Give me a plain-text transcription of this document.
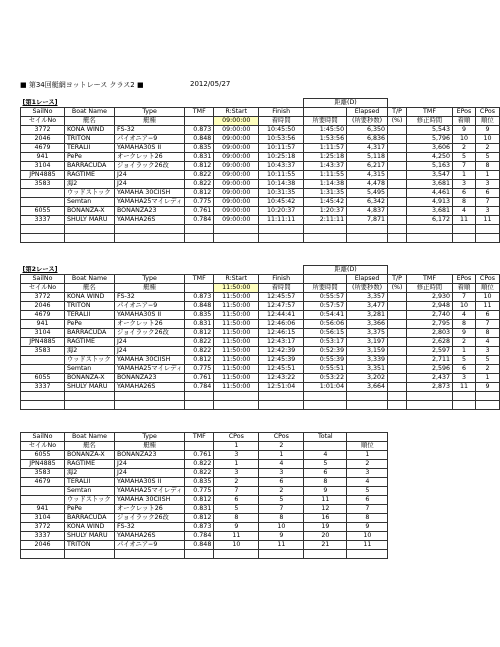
■ 第34回艇網ヨットレース クラス2 ■	2012/05/27
[第1レース]						距離(D)					
SailNo	Boat Name	Type	TMF	R:Start	Finish		Elapsed	T/P	TMF	EPos	CPos
セイルNo	艇名	艇種		09:00:00	着時間	所要時間	(所要秒数)	(%)	修正時間	着順	順位
3772	KONA WIND	FS-32	0.873	09:00:00	10:45:50	1:45:50	6,350		5,543	9	9
2046	TRITON	パイオニア−9	0.848	09:00:00	10:53:56	1:53:56	6,836		5,796	10	10
4679	TERALII	YAMAHA30S II	0.835	09:00:00	10:11:57	1:11:57	4,317		3,606	2	2
941	PePe	オークレット26	0.831	09:00:00	10:25:18	1:25:18	5,118		4,250	5	5
3104	BARRACUDA	ジョイラック26改	0.812	09:00:00	10:43:37	1:43:37	6,217		5,163	7	8
JPN4885	RAGTIME	J24	0.822	09:00:00	10:11:55	1:11:55	4,315		3,547	1	1
3583	海2	J24	0.822	09:00:00	10:14:38	1:14:38	4,478		3,681	3	3
	ウッドストック	YAMAHA 30CIISH	0.812	09:00:00	10:31:35	1:31:35	5,495		4,461	6	6
	Semtan	YAMAHA25マイレディ	0.775	09:00:00	10:45:42	1:45:42	6,342		4,913	8	7
6055	BONANZA-X	BONANZA23	0.761	09:00:00	10:20:37	1:20:37	4,837		3,681	4	3
3337	SHULY MARU	YAMAHA26S	0.784	09:00:00	11:11:11	2:11:11	7,871		6,172	11	11

[第2レース]						距離(D)					
SailNo	Boat Name	Type	TMF	R:Start	Finish		Elapsed	T/P	TMF	EPos	CPos
セイルNo	艇名	艇種		11:50:00	着時間	所要時間	(所要秒数)	(%)	修正時間	着順	順位
3772	KONA WIND	FS-32	0.873	11:50:00	12:45:57	0:55:57	3,357		2,930	7	10
2046	TRITON	パイオニア−9	0.848	11:50:00	12:47:57	0:57:57	3,477		2,948	10	11
4679	TERALII	YAMAHA30S II	0.835	11:50:00	12:44:41	0:54:41	3,281		2,740	4	6
941	PePe	オークレット26	0.831	11:50:00	12:46:06	0:56:06	3,366		2,795	8	7
3104	BARRACUDA	ジョイラック26改	0.812	11:50:00	12:46:15	0:56:15	3,375		2,803	9	8
JPN4885	RAGTIME	J24	0.822	11:50:00	12:43:17	0:53:17	3,197		2,628	2	4
3583	海2	J24	0.822	11:50:00	12:42:39	0:52:39	3,159		2,597	1	3
	ウッドストック	YAMAHA 30CIISH	0.812	11:50:00	12:45:39	0:55:39	3,339		2,711	5	5
	Semtan	YAMAHA25マイレディ	0.775	11:50:00	12:45:51	0:55:51	3,351		2,596	6	2
6055	BONANZA-X	BONANZA23	0.761	11:50:00	12:43:22	0:53:22	3,202		2,437	3	1
3337	SHULY MARU	YAMAHA26S	0.784	11:50:00	12:51:04	1:01:04	3,664		2,873	11	9

SailNo	Boat Name	Type	TMF	CPos	CPos	Total	
セイルNo	艇名	艇種		1	2		順位
6055	BONANZA-X	BONANZA23	0.761	3	1	4	1
JPN4885	RAGTIME	J24	0.822	1	4	5	2
3583	海2	J24	0.822	3	3	6	3
4679	TERALII	YAMAHA30S II	0.835	2	6	8	4
	Semtan	YAMAHA25マイレディ	0.775	7	2	9	5
	ウッドストック	YAMAHA 30CIISH	0.812	6	5	11	6
941	PePe	オークレット26	0.831	5	7	12	7
3104	BARRACUDA	ジョイラック26改	0.812	8	8	16	8
3772	KONA WIND	FS-32	0.873	9	10	19	9
3337	SHULY MARU	YAMAHA26S	0.784	11	9	20	10
2046	TRITON	パイオニア−9	0.848	10	11	21	11
